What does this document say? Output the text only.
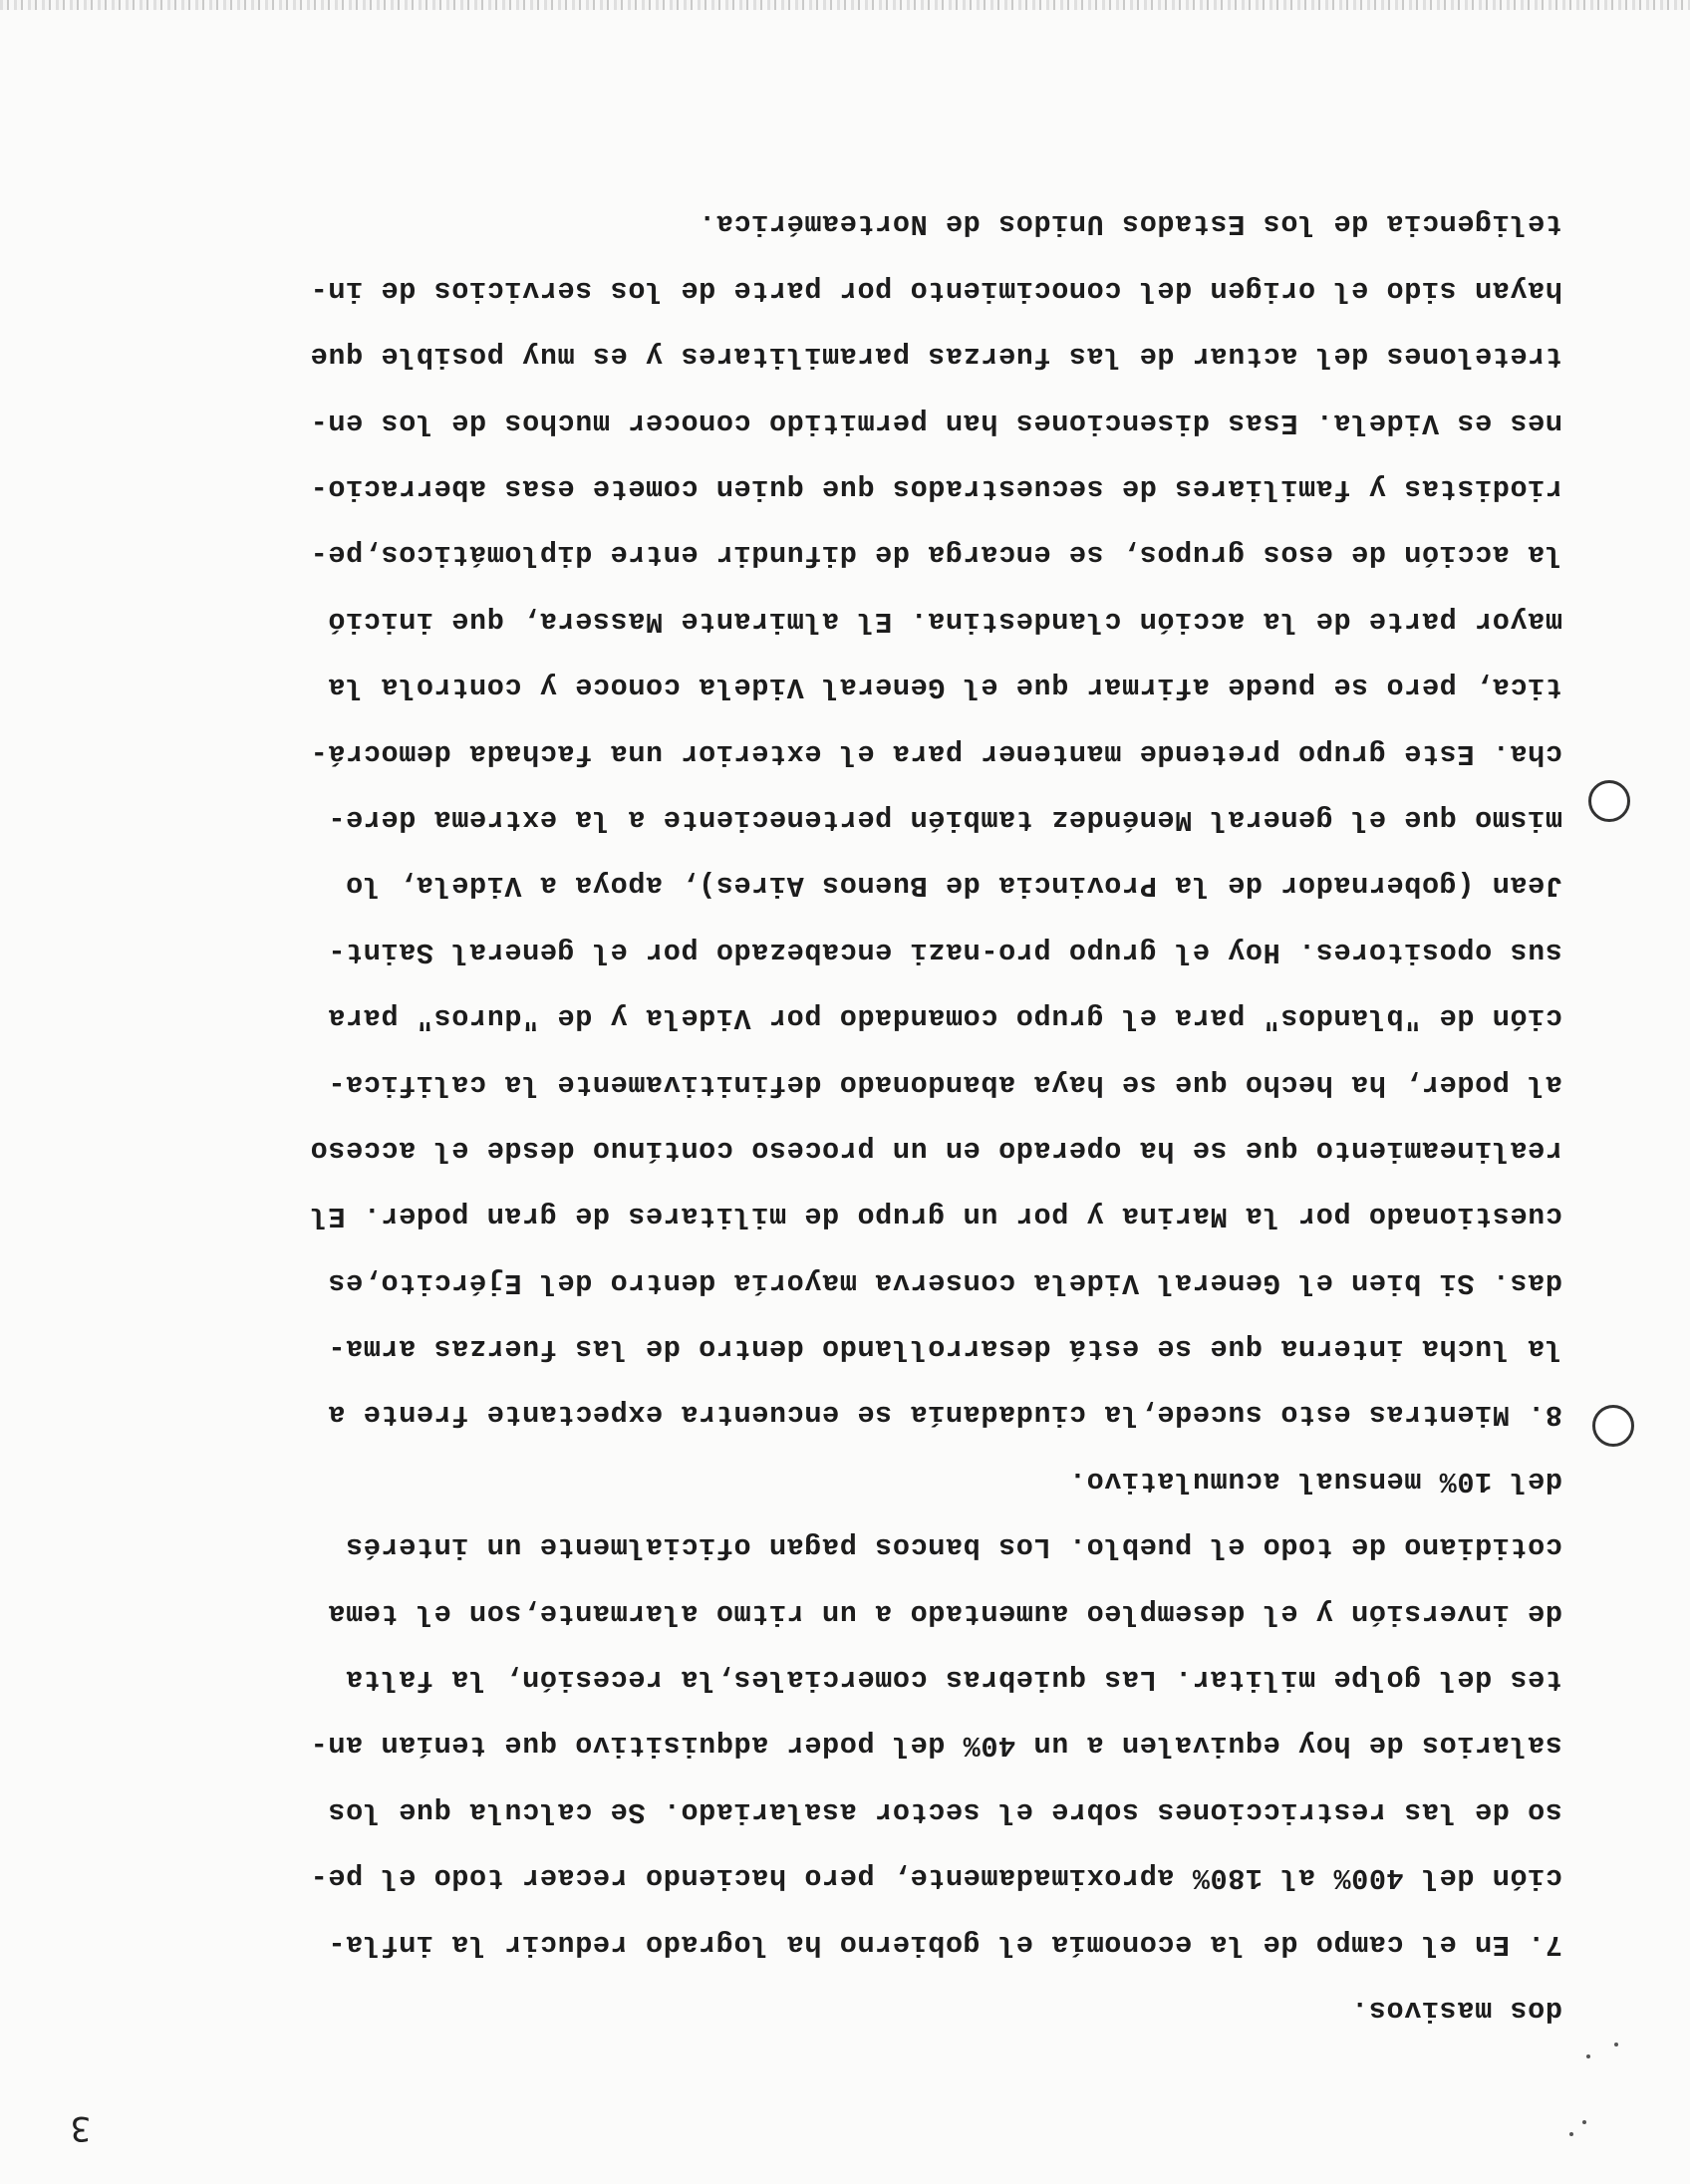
3
dos masivos.
7. En el campo de la economía el gobierno ha logrado reducir la infla-
ción del 400% al 180% aproximadamente, pero haciendo recaer todo el pe-
so de las restricciones sobre el sector asalariado. Se calcula que los
salarios de hoy equivalen a un 40% del poder adquisitivo que tenían an-
tes del golpe militar. Las quiebras comerciales,la recesión, la falta
de inversión y el desempleo aumentado a un ritmo alarmante,son el tema
cotidiano de todo el pueblo. Los bancos pagan oficialmente un interés
del 10% mensual acumulativo.
8. Mientras esto sucede,la ciudadanía se encuentra expectante frente a
la lucha interna que se está desarrollando dentro de las fuerzas arma-
das. Si bien el General Videla conserva mayoría dentro del Ejército,es
cuestionado por la Marina y por un grupo de militares de gran poder. El
realineamiento que se ha operado en un proceso contínuo desde el acceso
al poder, ha hecho que se haya abandonado definitivamente la califica-
ción de "blandos" para el grupo comandado por Videla y de "duros" para
sus opositores. Hoy el grupo pro-nazi encabezado por el general Saint-
Jean (gobernador de la Provincia de Buenos Aires), apoya a Videla, lo
mismo que el general Menéndez también perteneciente a la extrema dere-
cha. Este grupo pretende mantener para el exterior una fachada democrá-
tica, pero se puede afirmar que el General Videla conoce y controla la
mayor parte de la acción clandestina. El almirante Massera, que inició
la acción de esos grupos, se encarga de difundir entre diplomáticos,pe-
riodistas y familiares de secuestrados que quien comete esas aberracio-
nes es Videla. Esas disenciones han permitido conocer muchos de los en-
tretelones del actuar de las fuerzas paramilitares y es muy posible que
hayan sido el origen del conocimiento por parte de los servicios de in-
teligencia de los Estados Unidos de Norteamérica.
